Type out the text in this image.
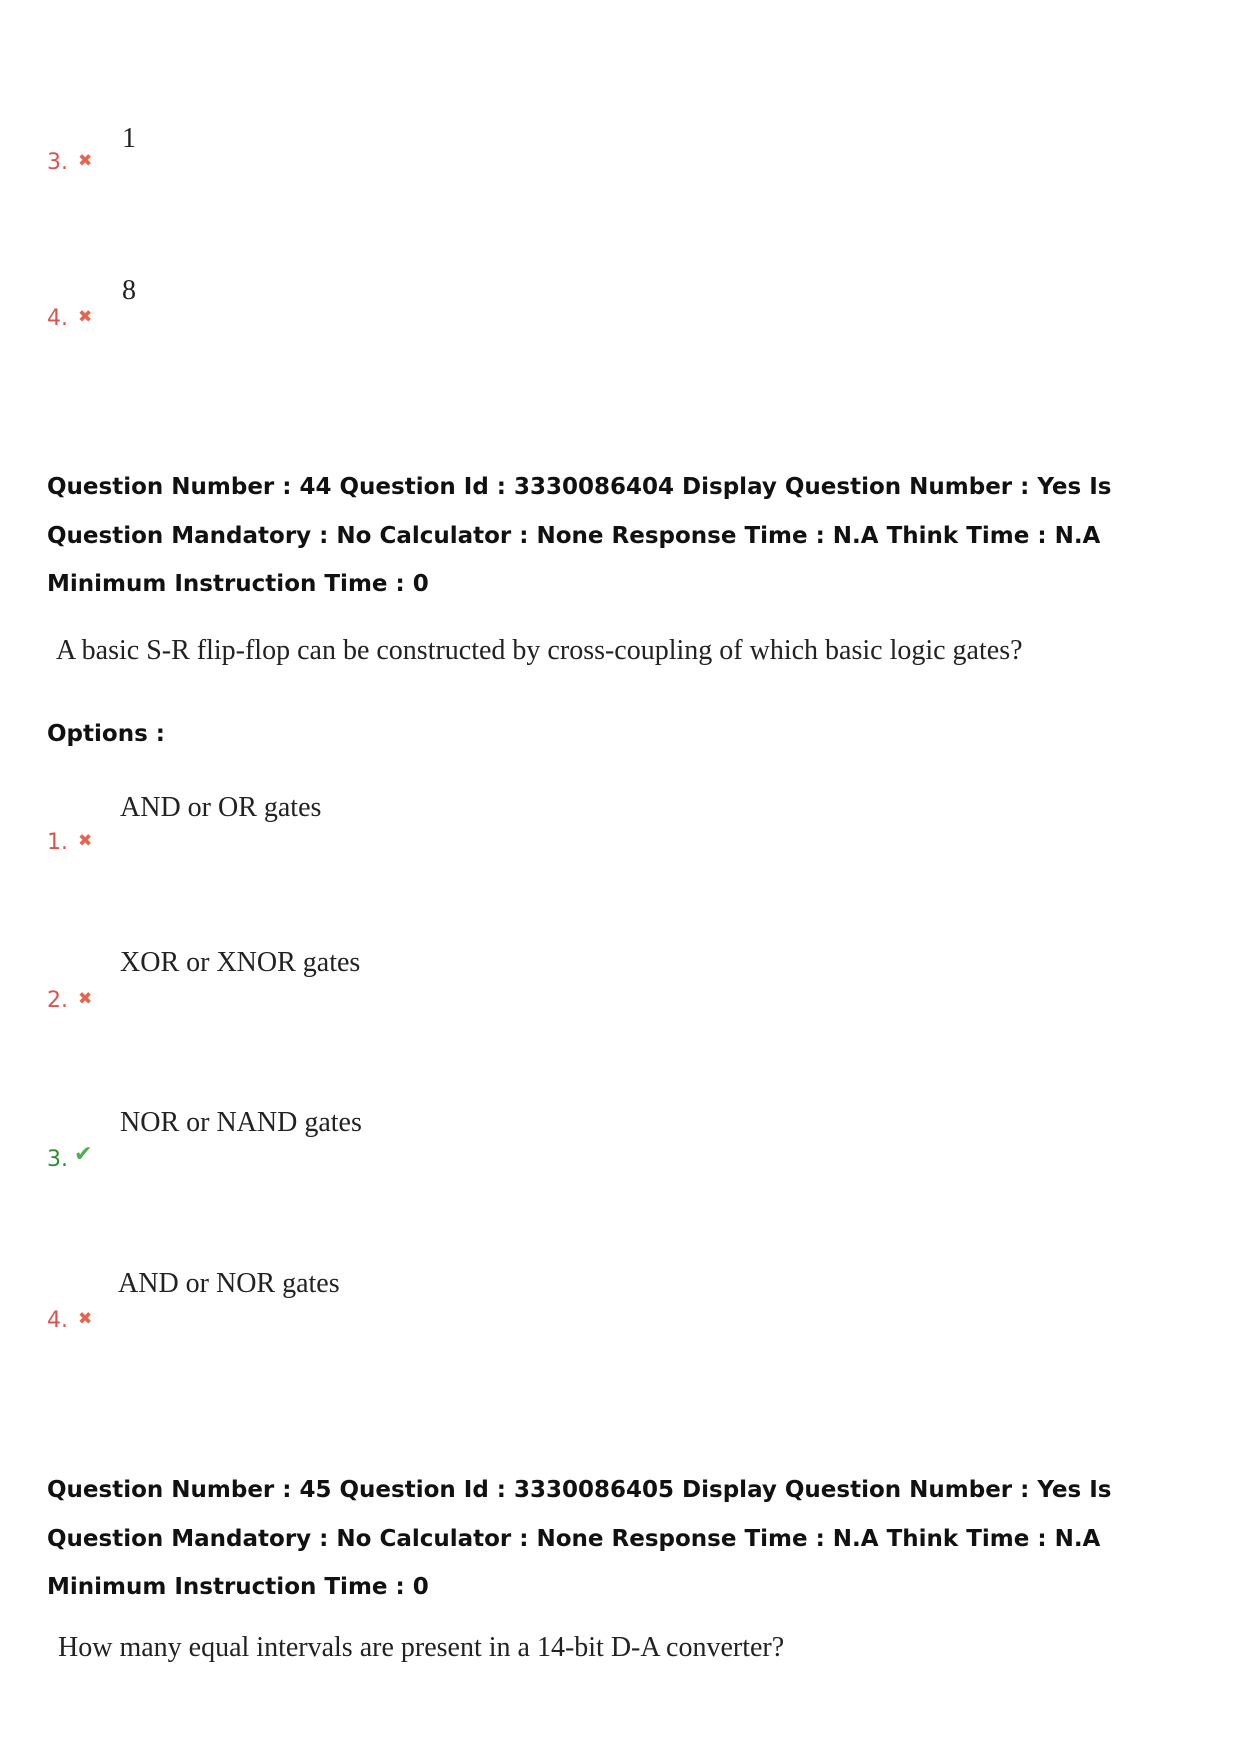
1
3. ✖
8
4. ✖
Question Number : 44 Question Id : 3330086404 Display Question Number : Yes Is Question Mandatory : No Calculator : None Response Time : N.A Think Time : N.A Minimum Instruction Time : 0
A basic S-R flip-flop can be constructed by cross-coupling of which basic logic gates?
Options :
AND or OR gates
1. ✖
XOR or XNOR gates
2. ✖
NOR or NAND gates
3. ✔
AND or NOR gates
4. ✖
Question Number : 45 Question Id : 3330086405 Display Question Number : Yes Is Question Mandatory : No Calculator : None Response Time : N.A Think Time : N.A Minimum Instruction Time : 0
How many equal intervals are present in a 14-bit D-A converter?
